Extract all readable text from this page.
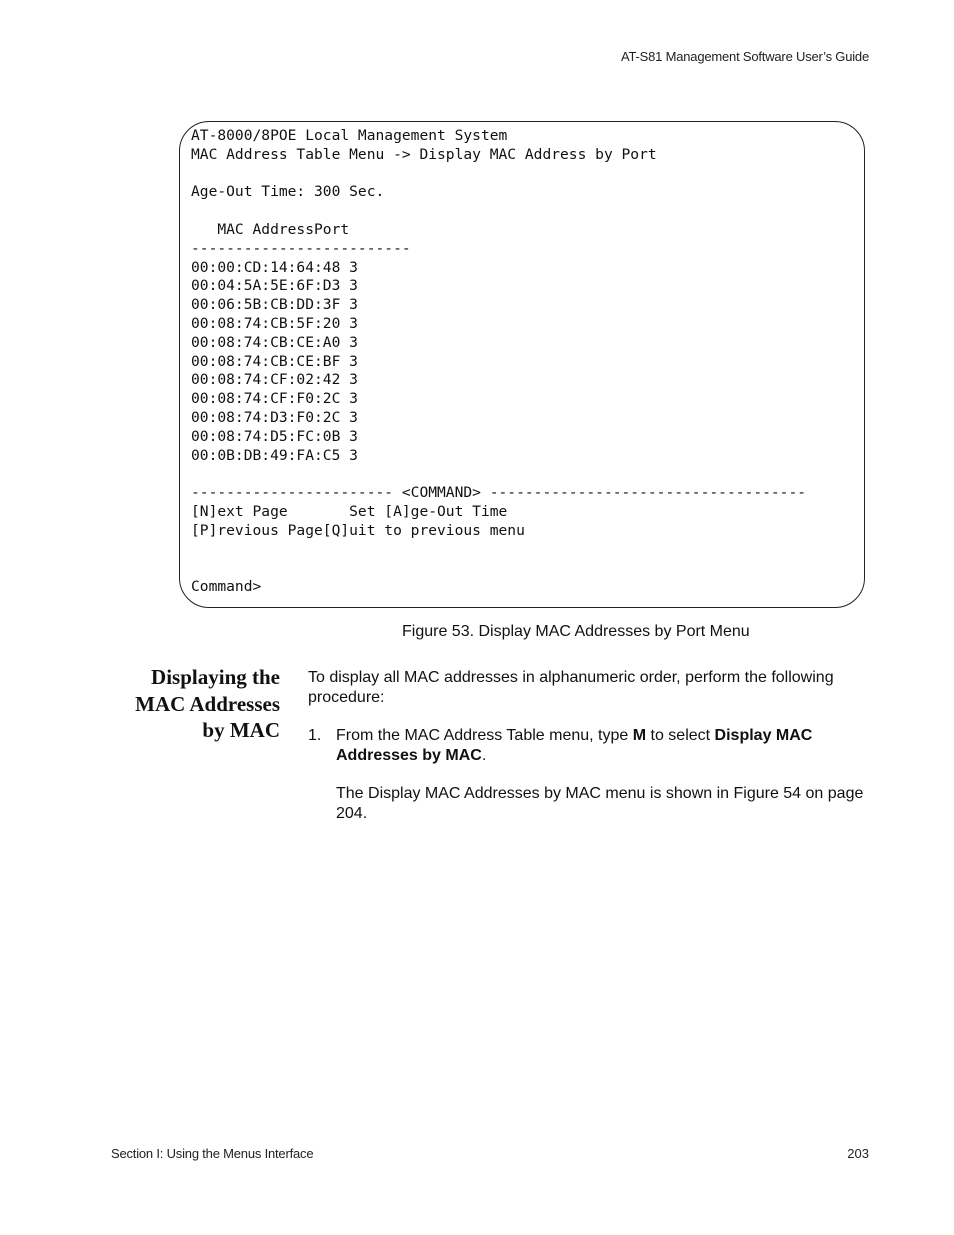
AT-S81 Management Software User’s Guide
AT-8000/8POE Local Management System
MAC Address Table Menu -> Display MAC Address by Port
Age-Out Time: 300 Sec.
MAC AddressPort
-------------------------
00:00:CD:14:64:48 3
00:04:5A:5E:6F:D3 3
00:06:5B:CB:DD:3F 3
00:08:74:CB:5F:20 3
00:08:74:CB:CE:A0 3
00:08:74:CB:CE:BF 3
00:08:74:CF:02:42 3
00:08:74:CF:F0:2C 3
00:08:74:D3:F0:2C 3
00:08:74:D5:FC:0B 3
00:0B:DB:49:FA:C5 3
----------------------- <COMMAND> ------------------------------------
[N]ext Page       Set [A]ge-Out Time
[P]revious Page[Q]uit to previous menu
Command>
Figure 53. Display MAC Addresses by Port Menu
Displaying the
MAC Addresses
by MAC

To display all MAC addresses in alphanumeric order, perform the following procedure:

1. From the MAC Address Table menu, type M to select Display MAC Addresses by MAC.

The Display MAC Addresses by MAC menu is shown in Figure 54 on page 204.

Section I: Using the Menus Interface	203
